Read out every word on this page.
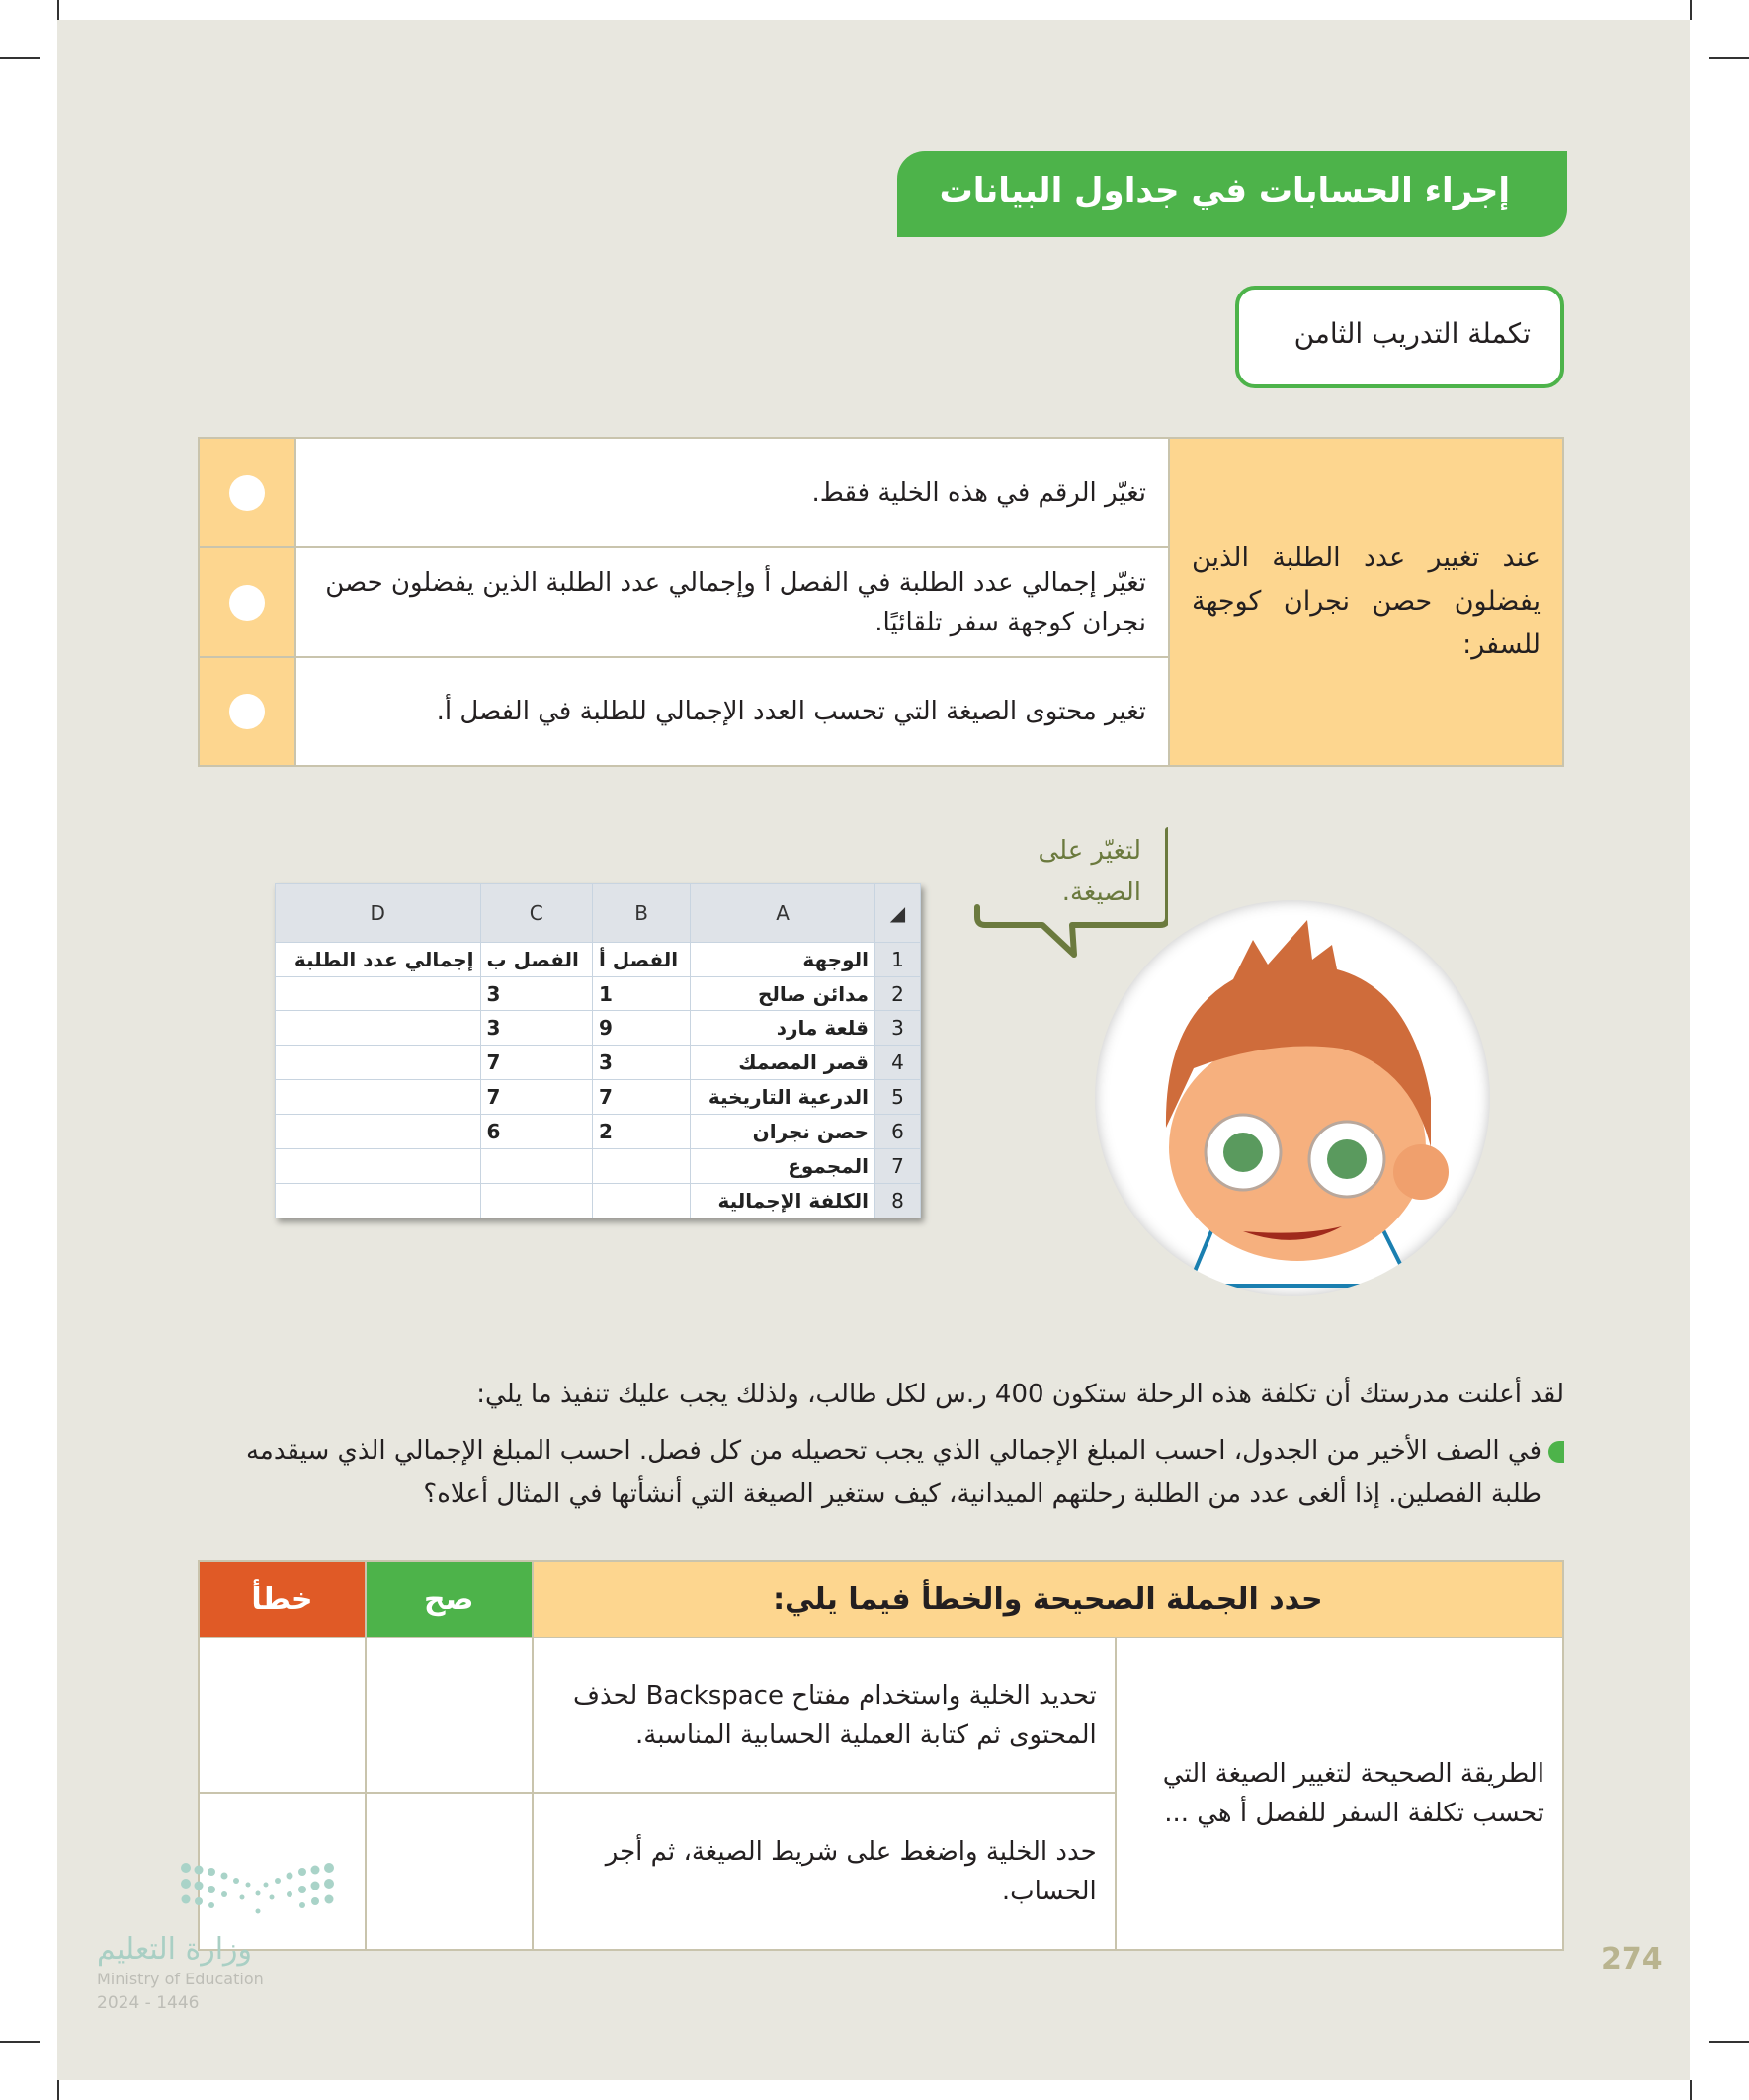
إجراء الحسابات في جداول البيانات
تكملة التدريب الثامن
	تغيّر الرقم في هذه الخلية فقط.	عند تغيير عدد الطلبة الذين يفضلون حصن نجران كوجهة للسفر:

	تغيّر إجمالي عدد الطلبة في الفصل أ وإجمالي عدد الطلبة الذين يفضلون حصن نجران كوجهة سفر تلقائيًا.	

	تغير محتوى الصيغة التي تحسب العدد الإجمالي للطلبة في الفصل أ.	
D	C	B	A	◢
إجمالي عدد الطلبة	الفصل ب	الفصل أ	الوجهة	1
	3	1	مدائن صالح	2
	3	9	قلعة مارد	3
	7	3	قصر المصمك	4
	7	7	الدرعية التاريخية	5
	6	2	حصن نجران	6
			المجموع	7
			الكلفة الإجمالية	8
لتغيّر على
الصيغة.
لقد أعلنت مدرستك أن تكلفة هذه الرحلة ستكون 400 ر.س لكل طالب، ولذلك يجب عليك تنفيذ ما يلي:
في الصف الأخير من الجدول، احسب المبلغ الإجمالي الذي يجب تحصيله من كل فصل. احسب المبلغ الإجمالي الذي سيقدمه طلبة الفصلين. إذا ألغى عدد من الطلبة رحلتهم الميدانية، كيف ستغير الصيغة التي أنشأتها في المثال أعلاه؟
خطأ	صح	حدد الجملة الصحيحة والخطأ فيما يلي:	
		تحديد الخلية واستخدام مفتاح Backspace لحذف المحتوى ثم كتابة العملية الحسابية المناسبة.	الطريقة الصحيحة لتغيير الصيغة التي تحسب تكلفة السفر للفصل أ هي ...
		حدد الخلية واضغط على شريط الصيغة، ثم أجر الحساب.	
وزارة التعليم
Ministry of Education
2024 - 1446
274
